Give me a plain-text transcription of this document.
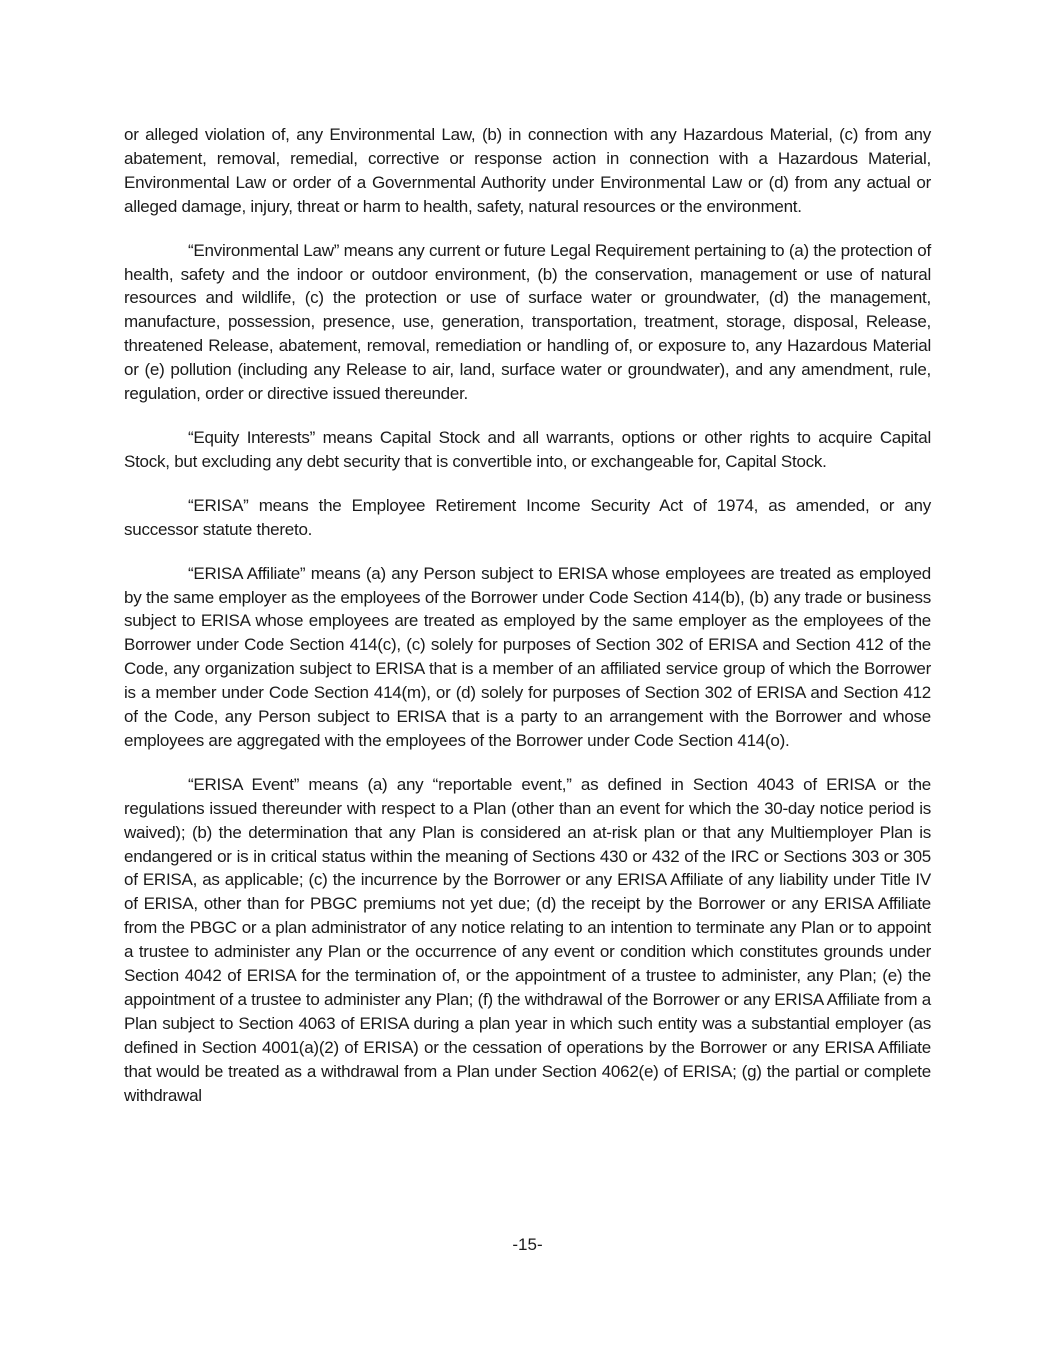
or alleged violation of, any Environmental Law, (b) in connection with any Hazardous Material, (c) from any abatement, removal, remedial, corrective or response action in connection with a Hazardous Material, Environmental Law or order of a Governmental Authority under Environmental Law or (d) from any actual or alleged damage, injury, threat or harm to health, safety, natural resources or the environment.

“Environmental Law” means any current or future Legal Requirement pertaining to (a) the protection of health, safety and the indoor or outdoor environment, (b) the conservation, management or use of natural resources and wildlife, (c) the protection or use of surface water or groundwater, (d) the management, manufacture, possession, presence, use, generation, transportation, treatment, storage, disposal, Release, threatened Release, abatement, removal, remediation or handling of, or exposure to, any Hazardous Material or (e) pollution (including any Release to air, land, surface water or groundwater), and any amendment, rule, regulation, order or directive issued thereunder.

“Equity Interests” means Capital Stock and all warrants, options or other rights to acquire Capital Stock, but excluding any debt security that is convertible into, or exchangeable for, Capital Stock.

“ERISA” means the Employee Retirement Income Security Act of 1974, as amended, or any successor statute thereto.

“ERISA Affiliate” means (a) any Person subject to ERISA whose employees are treated as employed by the same employer as the employees of the Borrower under Code Section 414(b), (b) any trade or business subject to ERISA whose employees are treated as employed by the same employer as the employees of the Borrower under Code Section 414(c), (c) solely for purposes of Section 302 of ERISA and Section 412 of the Code, any organization subject to ERISA that is a member of an affiliated service group of which the Borrower is a member under Code Section 414(m), or (d) solely for purposes of Section 302 of ERISA and Section 412 of the Code, any Person subject to ERISA that is a party to an arrangement with the Borrower and whose employees are aggregated with the employees of the Borrower under Code Section 414(o).

“ERISA Event” means (a) any “reportable event,” as defined in Section 4043 of ERISA or the regulations issued thereunder with respect to a Plan (other than an event for which the 30-day notice period is waived); (b) the determination that any Plan is considered an at-risk plan or that any Multiemployer Plan is endangered or is in critical status within the meaning of Sections 430 or 432 of the IRC or Sections 303 or 305 of ERISA, as applicable; (c) the incurrence by the Borrower or any ERISA Affiliate of any liability under Title IV of ERISA, other than for PBGC premiums not yet due; (d) the receipt by the Borrower or any ERISA Affiliate from the PBGC or a plan administrator of any notice relating to an intention to terminate any Plan or to appoint a trustee to administer any Plan or the occurrence of any event or condition which constitutes grounds under Section 4042 of ERISA for the termination of, or the appointment of a trustee to administer, any Plan; (e) the appointment of a trustee to administer any Plan; (f) the withdrawal of the Borrower or any ERISA Affiliate from a Plan subject to Section 4063 of ERISA during a plan year in which such entity was a substantial employer (as defined in Section 4001(a)(2) of ERISA) or the cessation of operations by the Borrower or any ERISA Affiliate that would be treated as a withdrawal from a Plan under Section 4062(e) of ERISA; (g) the partial or complete withdrawal

-15-
